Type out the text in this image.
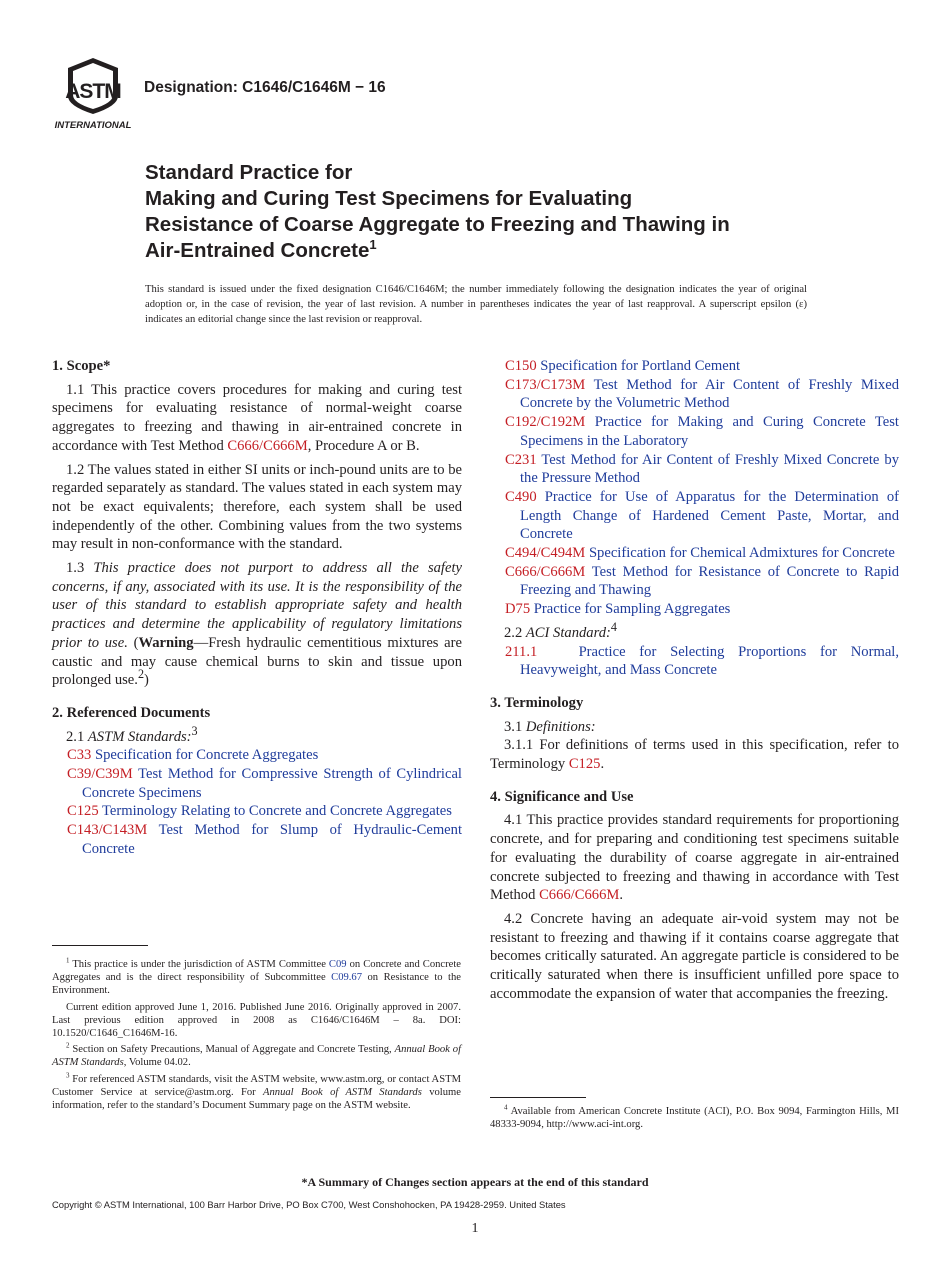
ASTM
INTERNATIONAL
Designation: C1646/C1646M − 16
Standard Practice for
Making and Curing Test Specimens for Evaluating
Resistance of Coarse Aggregate to Freezing and Thawing in
Air-Entrained Concrete$^1$
This standard is issued under the fixed designation C1646/C1646M; the number immediately following the designation indicates the year of original adoption or, in the case of revision, the year of last revision. A number in parentheses indicates the year of last reapproval. A superscript epsilon (ε) indicates an editorial change since the last revision or reapproval.
1. Scope*

1.1 This practice covers procedures for making and curing test specimens for evaluating resistance of normal-weight coarse aggregates to freezing and thawing in air-entrained concrete in accordance with Test Method C666/C666M, Procedure A or B.

1.2 The values stated in either SI units or inch-pound units are to be regarded separately as standard. The values stated in each system may not be exact equivalents; therefore, each system shall be used independently of the other. Combining values from the two systems may result in non-conformance with the standard.

1.3 This practice does not purport to address all the safety concerns, if any, associated with its use. It is the responsibility of the user of this standard to establish appropriate safety and health practices and determine the applicability of regulatory limitations prior to use. (Warning—Fresh hydraulic cementitious mixtures are caustic and may cause chemical burns to skin and tissue upon prolonged use.$^2$)

2. Referenced Documents

2.1 ASTM Standards:$^3$

C33 Specification for Concrete Aggregates
C39/C39M Test Method for Compressive Strength of Cylindrical Concrete Specimens
C125 Terminology Relating to Concrete and Concrete Aggregates
C143/C143M Test Method for Slump of Hydraulic-Cement Concrete
C150 Specification for Portland Cement
C173/C173M Test Method for Air Content of Freshly Mixed Concrete by the Volumetric Method
C192/C192M Practice for Making and Curing Concrete Test Specimens in the Laboratory
C231 Test Method for Air Content of Freshly Mixed Concrete by the Pressure Method
C490 Practice for Use of Apparatus for the Determination of Length Change of Hardened Cement Paste, Mortar, and Concrete
C494/C494M Specification for Chemical Admixtures for Concrete
C666/C666M Test Method for Resistance of Concrete to Rapid Freezing and Thawing
D75 Practice for Sampling Aggregates

2.2 ACI Standard:$^4$

211.1	Practice for Selecting Proportions for Normal, Heavyweight, and Mass Concrete
3. Terminology

3.1 Definitions:

3.1.1 For definitions of terms used in this specification, refer to Terminology C125.

4. Significance and Use

4.1 This practice provides standard requirements for proportioning concrete, and for preparing and conditioning test specimens suitable for evaluating the durability of coarse aggregate in air-entrained concrete subjected to freezing and thawing in accordance with Test Method C666/C666M.

4.2 Concrete having an adequate air-void system may not be resistant to freezing and thawing if it contains coarse aggregate that becomes critically saturated. An aggregate particle is considered to be critically saturated when there is insufficient unfilled pore space to accommodate the expansion of water that accompanies the freezing.

$^1$ This practice is under the jurisdiction of ASTM Committee C09 on Concrete and Concrete Aggregates and is the direct responsibility of Subcommittee C09.67 on Resistance to the Environment.

Current edition approved June 1, 2016. Published June 2016. Originally approved in 2007. Last previous edition approved in 2008 as C1646/C1646M – 8a. DOI: 10.1520/C1646_C1646M-16.

$^2$ Section on Safety Precautions, Manual of Aggregate and Concrete Testing, Annual Book of ASTM Standards, Volume 04.02.

$^3$ For referenced ASTM standards, visit the ASTM website, www.astm.org, or contact ASTM Customer Service at service@astm.org. For Annual Book of ASTM Standards volume information, refer to the standard’s Document Summary page on the ASTM website.	$^4$ Available from American Concrete Institute (ACI), P.O. Box 9094, Farmington Hills, MI 48333-9094, http://www.aci-int.org.

*A Summary of Changes section appears at the end of this standard
Copyright © ASTM International, 100 Barr Harbor Drive, PO Box C700, West Conshohocken, PA 19428-2959. United States
1
